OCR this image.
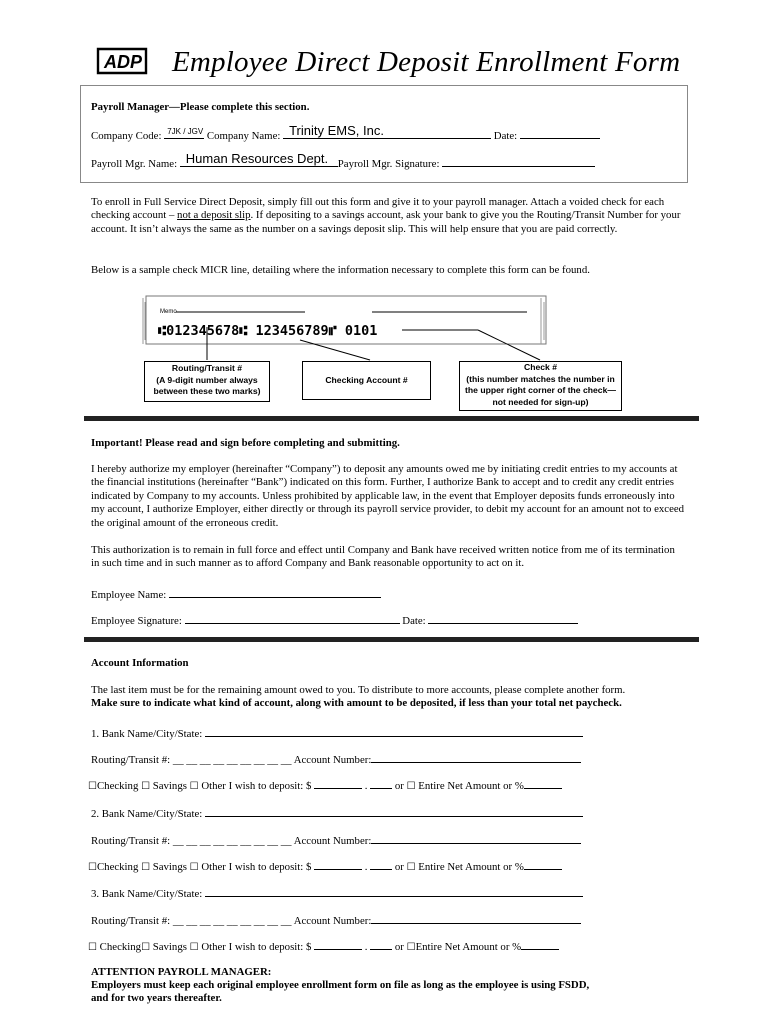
ADP Employee Direct Deposit Enrollment Form
Payroll Manager—Please complete this section.
Company Code: 7JK / JGV Company Name: Trinity EMS, Inc.	Date:
Payroll Mgr. Name: Human Resources Dept. Payroll Mgr. Signature:
To enroll in Full Service Direct Deposit, simply fill out this form and give it to your payroll manager. Attach a voided check for each checking account – not a deposit slip. If depositing to a savings account, ask your bank to give you the Routing/Transit Number for your account. It isn’t always the same as the number on a savings deposit slip. This will help ensure that you are paid correctly.
Below is a sample check MICR line, detailing where the information necessary to complete this form can be found.
Memo
⑆012345678⑆ 123456789⑈ 0101
Routing/Transit #
(A 9-digit number always
between these two marks)
Checking Account #
Check #
(this number matches the number in
the upper right corner of the check—
not needed for sign-up)
Important! Please read and sign before completing and submitting.
I hereby authorize my employer (hereinafter “Company”) to deposit any amounts owed me by initiating credit entries to my accounts at the financial institutions (hereinafter “Bank”) indicated on this form. Further, I authorize Bank to accept and to credit any credit entries indicated by Company to my accounts. Unless prohibited by applicable law, in the event that Employer deposits funds erroneously into my account, I authorize Employer, either directly or through its payroll service provider, to debit my account for an amount not to exceed the original amount of the erroneous credit.
This authorization is to remain in full force and effect until Company and Bank have received written notice from me of its termination in such time and in such manner as to afford Company and Bank reasonable opportunity to act on it.
Employee Name:
Employee Signature:	Date:
Account Information
The last item must be for the remaining amount owed to you. To distribute to more accounts, please complete another form.
Make sure to indicate what kind of account, along with amount to be deposited, if less than your total net paycheck.
1. Bank Name/City/State:
Routing/Transit #: __ __ __ __ __ __ __ __ __ Account Number:
☐Checking ☐ Savings ☐ Other I wish to deposit: $	.	or ☐ Entire Net Amount or %
2. Bank Name/City/State:
Routing/Transit #: __ __ __ __ __ __ __ __ __ Account Number:
☐Checking ☐ Savings ☐ Other I wish to deposit: $	.	or ☐ Entire Net Amount or %
3. Bank Name/City/State:
Routing/Transit #: __ __ __ __ __ __ __ __ __ Account Number:
☐ Checking☐ Savings ☐ Other I wish to deposit: $	.	or ☐Entire Net Amount or %
ATTENTION PAYROLL MANAGER:
Employers must keep each original employee enrollment form on file as long as the employee is using FSDD,
and for two years thereafter.
